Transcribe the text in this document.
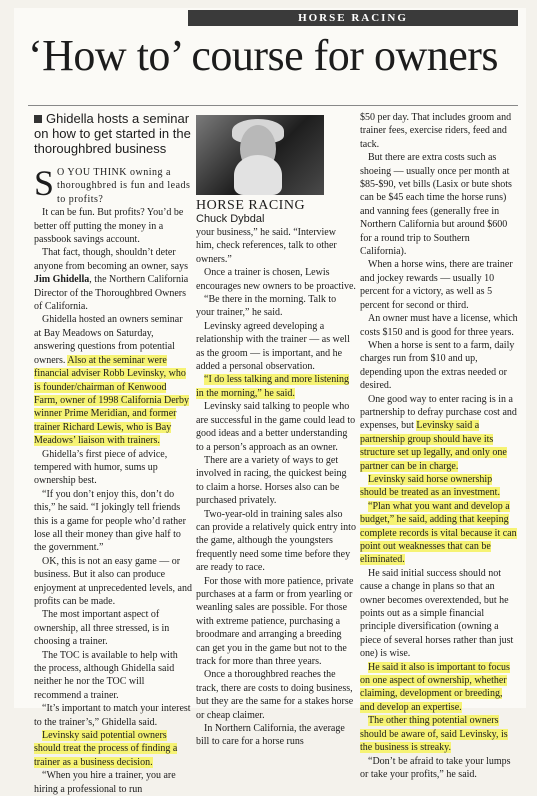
HORSE RACING
‘How to’ course for owners
Ghidella hosts a seminar on how to get started in the thoroughbred business
HORSE RACING
Chuck Dybdal

S O YOU THINK owning a thoroughbred is fun and leads to profits?

It can be fun. But profits? You’d be better off putting the money in a passbook savings account.

That fact, though, shouldn’t deter anyone from becoming an owner, says Jim Ghidella, the Northern California Director of the Thoroughbred Owners of California.

Ghidella hosted an owners seminar at Bay Meadows on Saturday, answering questions from potential owners. Also at the seminar were financial adviser Robb Levinsky, who is founder/chairman of Kenwood Farm, owner of 1998 California Derby winner Prime Meridian, and former trainer Richard Lewis, who is Bay Meadows’ liaison with trainers.

Ghidella’s first piece of advice, tempered with humor, sums up ownership best.

“If you don’t enjoy this, don’t do this,” he said. “I jokingly tell friends this is a game for people who’d rather lose all their money than give half to the government.”

OK, this is not an easy game — or business. But it also can produce enjoyment at unprecedented levels, and profits can be made.

The most important aspect of ownership, all three stressed, is in choosing a trainer.

The TOC is available to help with the process, although Ghidella said neither he nor the TOC will recommend a trainer.

“It’s important to match your interest to the trainer’s,” Ghidella said.

Levinsky said potential owners should treat the process of finding a trainer as a business decision.

“When you hire a trainer, you are hiring a professional to run

your business,” he said. “Interview him, check references, talk to other owners.”

Once a trainer is chosen, Lewis encourages new owners to be proactive.

“Be there in the morning. Talk to your trainer,” he said.

Levinsky agreed developing a relationship with the trainer — as well as the groom — is important, and he added a personal observation.

“I do less talking and more listening in the morning,” he said.

Levinsky said talking to people who are successful in the game could lead to good ideas and a better understanding to a person’s approach as an owner.

There are a variety of ways to get involved in racing, the quickest being to claim a horse. Horses also can be purchased privately.

Two-year-old in training sales also can provide a relatively quick entry into the game, although the youngsters frequently need some time before they are ready to race.

For those with more patience, private purchases at a farm or from yearling or weanling sales are possible. For those with extreme patience, purchasing a broodmare and arranging a breeding can get you in the game but not to the track for more than three years.

Once a thoroughbred reaches the track, there are costs to doing business, but they are the same for a stakes horse or cheap claimer.

In Northern California, the average bill to care for a horse runs

$50 per day. That includes groom and trainer fees, exercise riders, feed and tack.

But there are extra costs such as shoeing — usually once per month at $85-$90, vet bills (Lasix or bute shots can be $45 each time the horse runs) and vanning fees (generally free in Northern California but around $600 for a round trip to Southern California).

When a horse wins, there are trainer and jockey rewards — usually 10 percent for a victory, as well as 5 percent for second or third.

An owner must have a license, which costs $150 and is good for three years.

When a horse is sent to a farm, daily charges run from $10 and up, depending upon the extras needed or desired.

One good way to enter racing is in a partnership to defray purchase cost and expenses, but Levinsky said a partnership group should have its structure set up legally, and only one partner can be in charge.

Levinsky said horse ownership should be treated as an investment.

“Plan what you want and develop a budget,” he said, adding that keeping complete records is vital because it can point out weaknesses that can be eliminated.

He said initial success should not cause a change in plans so that an owner becomes overextended, but he points out as a simple financial principle diversification (owning a piece of several horses rather than just one) is wise.

He said it also is important to focus on one aspect of ownership, whether claiming, development or breeding, and develop an expertise.

The other thing potential owners should be aware of, said Levinsky, is the business is streaky.

“Don’t be afraid to take your lumps or take your profits,” he said.
